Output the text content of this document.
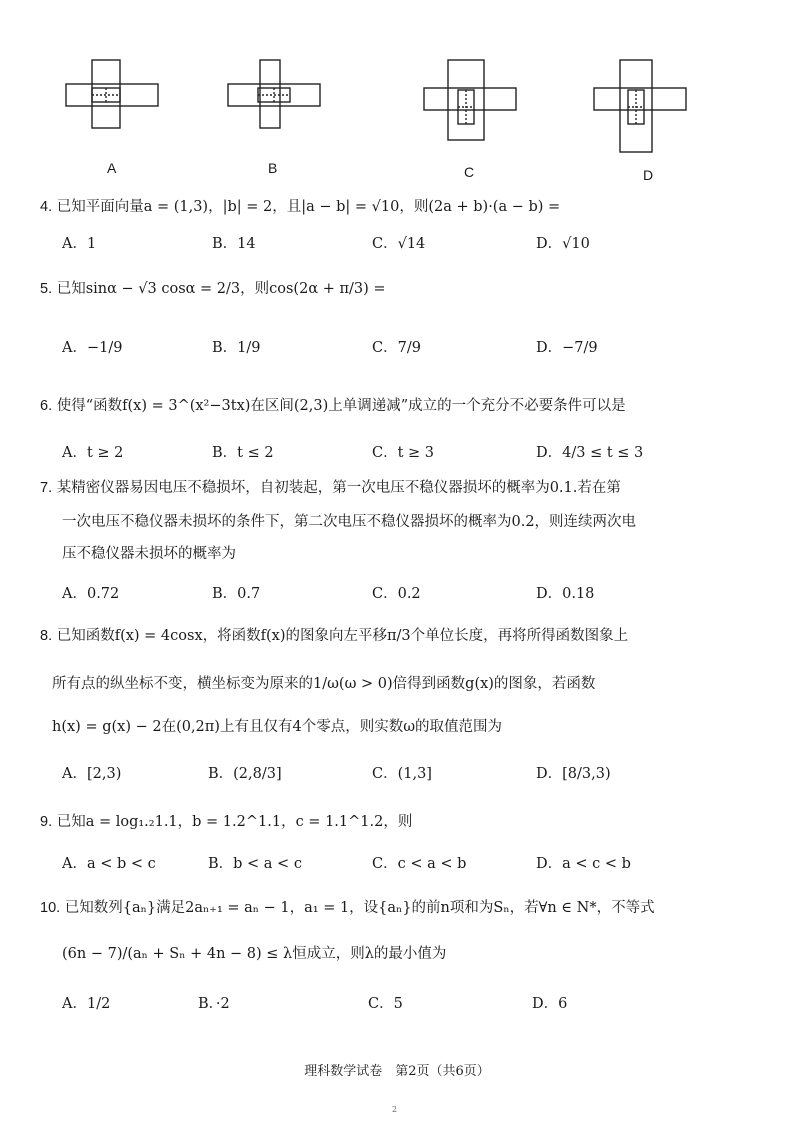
A	B	C	D
4. 已知平面向量a = (1,3)，|b| = 2，且|a − b| = √10，则(2a + b)·(a − b) =
A．1	B．14	C．√14	D．√10
5. 已知sinα − √3 cosα = 2/3，则cos(2α + π/3) =
A．−1/9	B．1/9	C．7/9	D．−7/9
6. 使得“函数f(x) = 3^(x²−3tx)在区间(2,3)上单调递减”成立的一个充分不必要条件可以是
A．t ≥ 2	B．t ≤ 2	C．t ≥ 3	D．4/3 ≤ t ≤ 3
7. 某精密仪器易因电压不稳损坏，自初装起，第一次电压不稳仪器损坏的概率为0.1.若在第
一次电压不稳仪器未损坏的条件下，第二次电压不稳仪器损坏的概率为0.2，则连续两次电
压不稳仪器未损坏的概率为
A．0.72	B．0.7	C．0.2	D．0.18
8. 已知函数f(x) = 4cosx，将函数f(x)的图象向左平移π/3个单位长度，再将所得函数图象上
所有点的纵坐标不变，横坐标变为原来的1/ω(ω > 0)倍得到函数g(x)的图象，若函数
h(x) = g(x) − 2在(0,2π)上有且仅有4个零点，则实数ω的取值范围为
A．[2,3)	B．(2,8/3]	C．(1,3]	D．[8/3,3)
9. 已知a = log₁.₂1.1，b = 1.2^1.1，c = 1.1^1.2，则
A．a < b < c	B．b < a < c	C．c < a < b	D．a < c < b
10. 已知数列{aₙ}满足2aₙ₊₁ = aₙ − 1，a₁ = 1，设{aₙ}的前n项和为Sₙ，若∀n ∈ N*，不等式
(6n − 7)/(aₙ + Sₙ + 4n − 8) ≤ λ恒成立，则λ的最小值为
A．1/2	B．·2	C．5	D．6
理科数学试卷　第2页（共6页）
2
